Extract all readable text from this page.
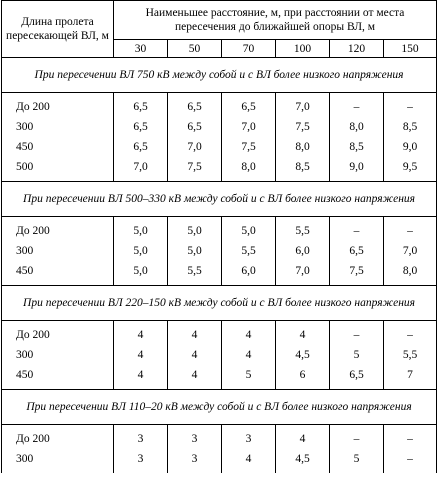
Длина пролета пересекающей ВЛ, м	Наименьшее расстояние, м, при расстоянии от места пересечения до ближайшей опоры ВЛ, м					
	30	50	70	100	120	150
При пересечении ВЛ 750 кВ между собой и с ВЛ более низкого напряжения						
До 200	6,5	6,5	6,5	7,0	–	–
300	6,5	6,5	7,0	7,5	8,0	8,5
450	6,5	7,0	7,5	8,0	8,5	9,0
500	7,0	7,5	8,0	8,5	9,0	9,5
При пересечении ВЛ 500–330 кВ между собой и с ВЛ более низкого напряжения						
До 200	5,0	5,0	5,0	5,5	–	–
300	5,0	5,0	5,5	6,0	6,5	7,0
450	5,0	5,5	6,0	7,0	7,5	8,0
При пересечении ВЛ 220–150 кВ между собой и с ВЛ более низкого напряжения						
До 200	4	4	4	4	–	–
300	4	4	4	4,5	5	5,5
450	4	4	5	6	6,5	7
При пересечении ВЛ 110–20 кВ между собой и с ВЛ более низкого напряжения						
До 200	3	3	3	4	–	–
300	3	3	4	4,5	5	–
